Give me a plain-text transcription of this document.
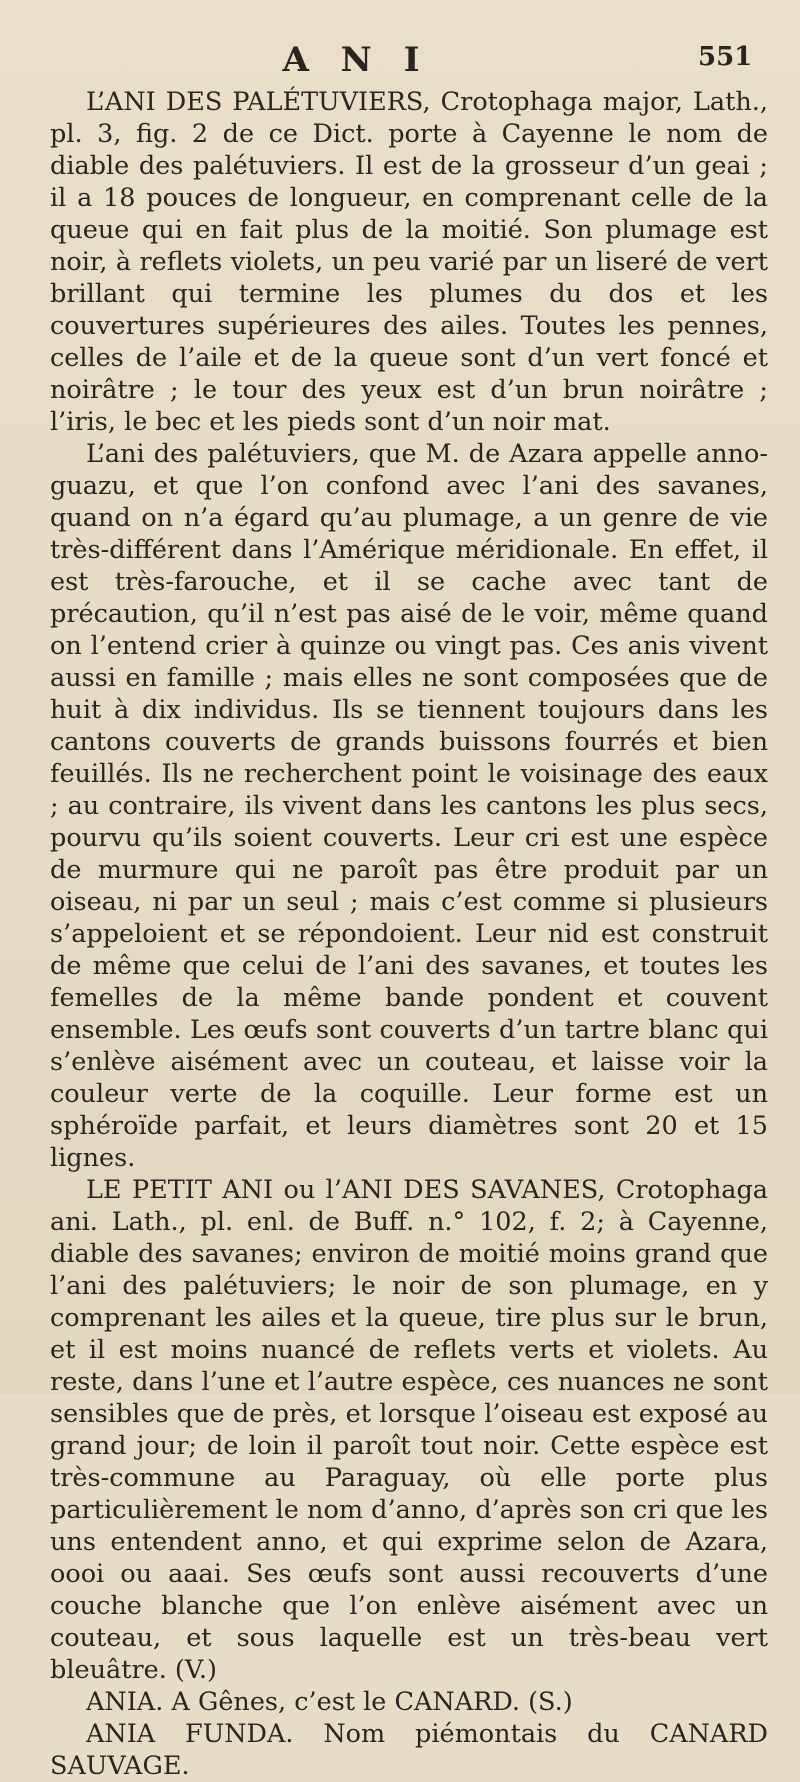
A N I	551

L’ANI DES PALÉTUVIERS, Crotophaga major, Lath., pl. 3, fig. 2 de ce Dict. porte à Cayenne le nom de diable des palétuviers. Il est de la grosseur d’un geai ; il a 18 pouces de longueur, en comprenant celle de la queue qui en fait plus de la moitié. Son plumage est noir, à reflets violets, un peu varié par un liseré de vert brillant qui termine les plumes du dos et les couvertures supérieures des ailes. Toutes les pennes, celles de l’aile et de la queue sont d’un vert foncé et noirâtre ; le tour des yeux est d’un brun noirâtre ; l’iris, le bec et les pieds sont d’un noir mat.

L’ani des palétuviers, que M. de Azara appelle anno-guazu, et que l’on confond avec l’ani des savanes, quand on n’a égard qu’au plumage, a un genre de vie très-différent dans l’Amérique méridionale. En effet, il est très-farouche, et il se cache avec tant de précaution, qu’il n’est pas aisé de le voir, même quand on l’entend crier à quinze ou vingt pas. Ces anis vivent aussi en famille ; mais elles ne sont composées que de huit à dix individus. Ils se tiennent toujours dans les cantons couverts de grands buissons fourrés et bien feuillés. Ils ne recherchent point le voisinage des eaux ; au contraire, ils vivent dans les cantons les plus secs, pourvu qu’ils soient couverts. Leur cri est une espèce de murmure qui ne paroît pas être produit par un oiseau, ni par un seul ; mais c’est comme si plusieurs s’appeloient et se répondoient. Leur nid est construit de même que celui de l’ani des savanes, et toutes les femelles de la même bande pondent et couvent ensemble. Les œufs sont couverts d’un tartre blanc qui s’enlève aisément avec un couteau, et laisse voir la couleur verte de la coquille. Leur forme est un sphéroïde parfait, et leurs diamètres sont 20 et 15 lignes.

LE PETIT ANI ou l’ANI DES SAVANES, Crotophaga ani. Lath., pl. enl. de Buff. n.° 102, f. 2; à Cayenne, diable des savanes; environ de moitié moins grand que l’ani des palétuviers; le noir de son plumage, en y comprenant les ailes et la queue, tire plus sur le brun, et il est moins nuancé de reflets verts et violets. Au reste, dans l’une et l’autre espèce, ces nuances ne sont sensibles que de près, et lorsque l’oiseau est exposé au grand jour; de loin il paroît tout noir. Cette espèce est très-commune au Paraguay, où elle porte plus particulièrement le nom d’anno, d’après son cri que les uns entendent anno, et qui exprime selon de Azara, oooi ou aaai. Ses œufs sont aussi recouverts d’une couche blanche que l’on enlève aisément avec un couteau, et sous laquelle est un très-beau vert bleuâtre. (V.)

ANIA. A Gênes, c’est le CANARD. (S.)

ANIA FUNDA. Nom piémontais du CANARD SAUVAGE.
